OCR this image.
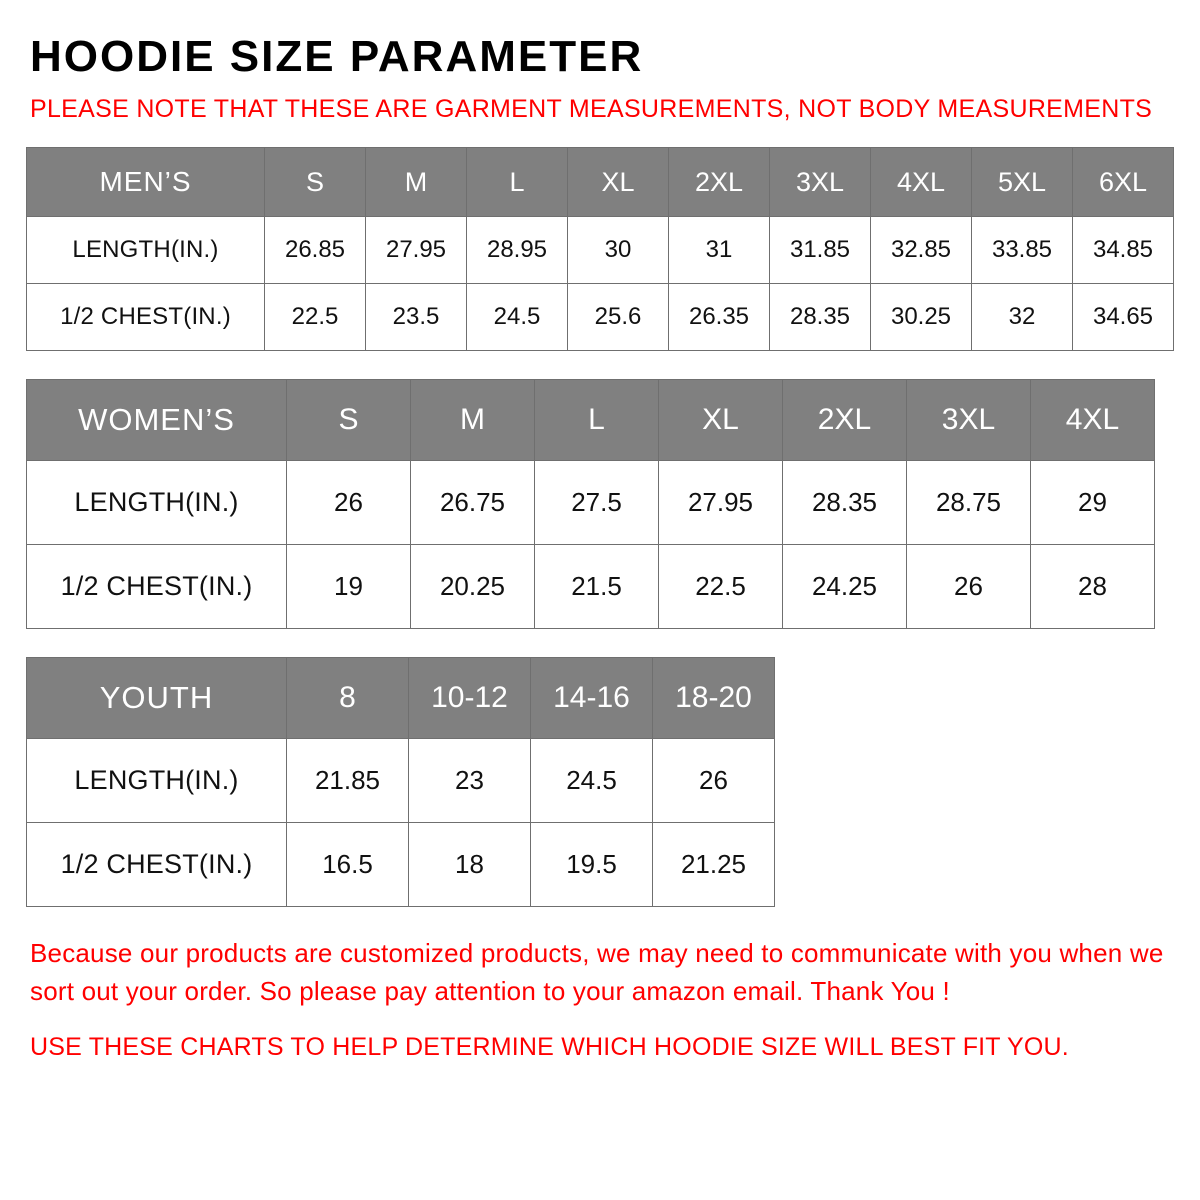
HOODIE SIZE PARAMETER
PLEASE NOTE THAT THESE ARE GARMENT MEASUREMENTS, NOT BODY MEASUREMENTS
MEN’S	S	M	L	XL	2XL	3XL	4XL	5XL	6XL
LENGTH(IN.)	26.85	27.95	28.95	30	31	31.85	32.85	33.85	34.85
1/2 CHEST(IN.)	22.5	23.5	24.5	25.6	26.35	28.35	30.25	32	34.65
WOMEN’S	S	M	L	XL	2XL	3XL	4XL
LENGTH(IN.)	26	26.75	27.5	27.95	28.35	28.75	29
1/2 CHEST(IN.)	19	20.25	21.5	22.5	24.25	26	28
YOUTH	8	10-12	14-16	18-20
LENGTH(IN.)	21.85	23	24.5	26
1/2 CHEST(IN.)	16.5	18	19.5	21.25

Because our products are customized products, we may need to communicate with you when we sort out your order. So please pay attention to your amazon email. Thank You !

USE THESE CHARTS TO HELP DETERMINE WHICH HOODIE SIZE WILL BEST FIT YOU.
